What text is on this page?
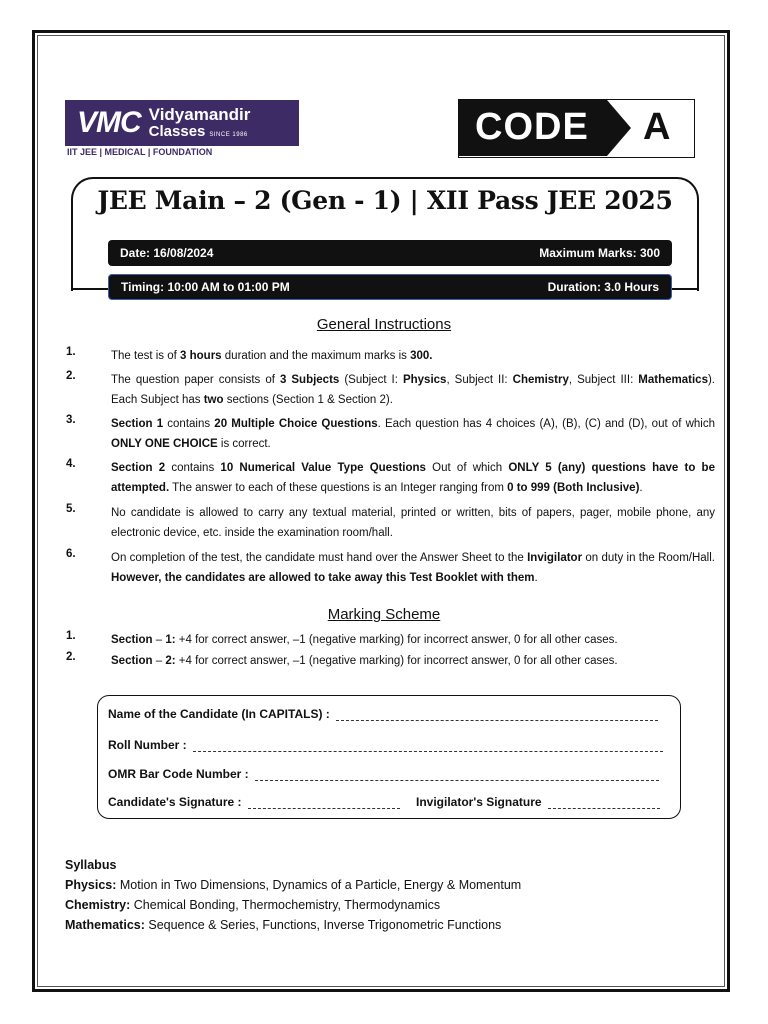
VMC Vidyamandir
Classes SINCE 1986
IIT JEE | MEDICAL | FOUNDATION
CODE A
JEE Main – 2 (Gen - 1) | XII Pass JEE 2025
Date: 16/08/2024	Maximum Marks: 300
Timing: 10:00 AM to 01:00 PM	Duration: 3.0 Hours
General Instructions
1.	The test is of 3 hours duration and the maximum marks is 300.
2.	The question paper consists of 3 Subjects (Subject I: Physics, Subject II: Chemistry, Subject III: Mathematics). Each Subject has two sections (Section 1 & Section 2).
3.	Section 1 contains 20 Multiple Choice Questions. Each question has 4 choices (A), (B), (C) and (D), out of which ONLY ONE CHOICE is correct.
4.	Section 2 contains 10 Numerical Value Type Questions Out of which ONLY 5 (any) questions have to be attempted. The answer to each of these questions is an Integer ranging from 0 to 999 (Both Inclusive).
5.	No candidate is allowed to carry any textual material, printed or written, bits of papers, pager, mobile phone, any electronic device, etc. inside the examination room/hall.
6.	On completion of the test, the candidate must hand over the Answer Sheet to the Invigilator on duty in the Room/Hall. However, the candidates are allowed to take away this Test Booklet with them.
Marking Scheme
1.	Section – 1: +4 for correct answer, –1 (negative marking) for incorrect answer, 0 for all other cases.
2.	Section – 2: +4 for correct answer, –1 (negative marking) for incorrect answer, 0 for all other cases.
Name of the Candidate (In CAPITALS) :
Roll Number :
OMR Bar Code Number :
Candidate's Signature :	Invigilator's Signature
Syllabus
Physics: Motion in Two Dimensions, Dynamics of a Particle, Energy & Momentum
Chemistry: Chemical Bonding, Thermochemistry, Thermodynamics
Mathematics: Sequence & Series, Functions, Inverse Trigonometric Functions
